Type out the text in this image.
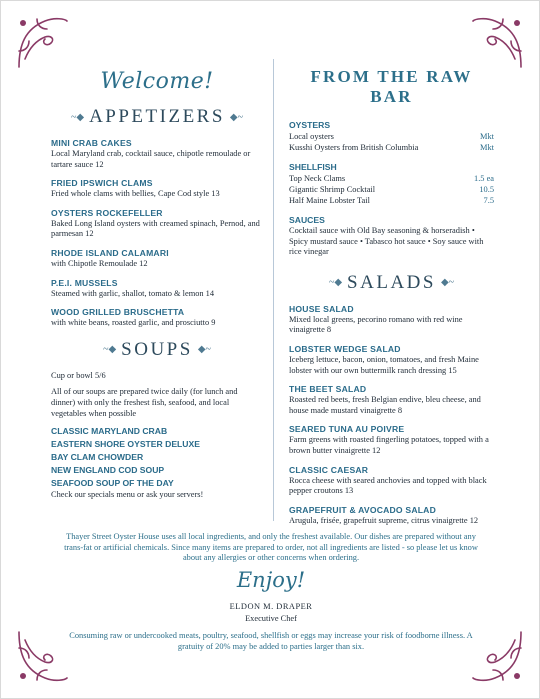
Welcome!
~◆ APPETIZERS ◆~
MINI CRAB CAKES
Local Maryland crab, cocktail sauce, chipotle remoulade or tartare sauce 12
FRIED IPSWICH CLAMS
Fried whole clams with bellies, Cape Cod style 13
OYSTERS ROCKEFELLER
Baked Long Island oysters with creamed spinach, Pernod, and parmesan 12
RHODE ISLAND CALAMARI
with Chipotle Remoulade 12
P.E.I. MUSSELS
Steamed with garlic, shallot, tomato & lemon 14
WOOD GRILLED BRUSCHETTA
with white beans, roasted garlic, and prosciutto 9
~◆ SOUPS ◆~
Cup or bowl 5/6
All of our soups are prepared twice daily (for lunch and dinner) with only the freshest fish, seafood, and local vegetables when possible
CLASSIC MARYLAND CRAB
EASTERN SHORE OYSTER DELUXE
BAY CLAM CHOWDER
NEW ENGLAND COD SOUP
SEAFOOD SOUP OF THE DAY
Check our specials menu or ask your servers!
FROM THE RAW BAR
OYSTERS
Local oysters	Mkt
Kusshi Oysters from British Columbia	Mkt
SHELLFISH
Top Neck Clams	1.5 ea
Gigantic Shrimp Cocktail	10.5
Half Maine Lobster Tail	7.5
SAUCES
Cocktail sauce with Old Bay seasoning & horseradish • Spicy mustard sauce • Tabasco hot sauce • Soy sauce with rice vinegar
~◆ SALADS ◆~
HOUSE SALAD
Mixed local greens, pecorino romano with red wine vinaigrette 8
LOBSTER WEDGE SALAD
Iceberg lettuce, bacon, onion, tomatoes, and fresh Maine lobster with our own buttermilk ranch dressing 15
THE BEET SALAD
Roasted red beets, fresh Belgian endive, bleu cheese, and house made mustard vinaigrette 8
SEARED TUNA AU POIVRE
Farm greens with roasted fingerling potatoes, topped with a brown butter vinaigrette 12
CLASSIC CAESAR
Rocca cheese with seared anchovies and topped with black pepper croutons 13
GRAPEFRUIT & AVOCADO SALAD
Arugula, frisée, grapefruit supreme, citrus vinaigrette 12
Thayer Street Oyster House uses all local ingredients, and only the freshest available. Our dishes are prepared without any trans-fat or artificial chemicals. Since many items are prepared to order, not all ingredients are listed - so please let us know about any allergies or other concerns when ordering.
Enjoy!
ELDON M. DRAPER
Executive Chef
Consuming raw or undercooked meats, poultry, seafood, shellfish or eggs may increase your risk of foodborne illness. A gratuity of 20% may be added to parties larger than six.
